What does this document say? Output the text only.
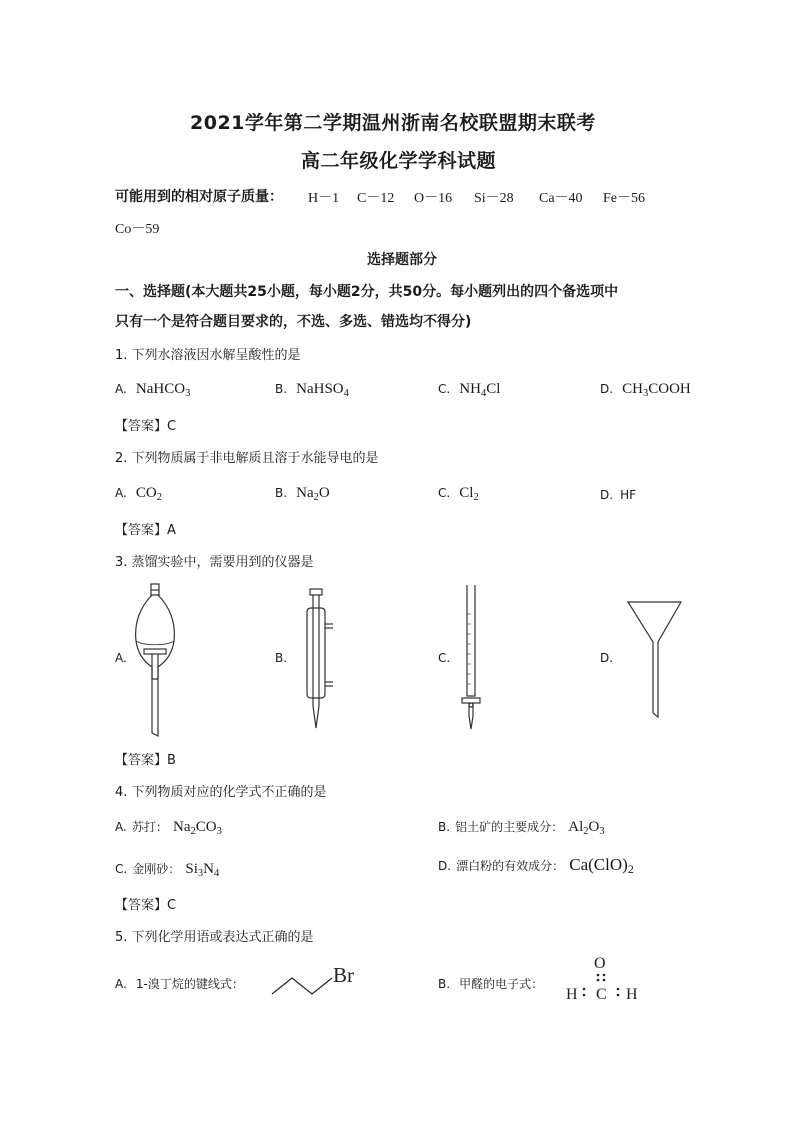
2021学年第二学期温州浙南名校联盟期末联考
高二年级化学学科试题
可能用到的相对原子质量： H－1 C－12 O－16 Si－28 Ca－40 Fe－56
Co－59
选择题部分
一、选择题(本大题共25小题，每小题2分，共50分。每小题列出的四个备选项中
只有一个是符合题目要求的，不选、多选、错选均不得分)
1. 下列水溶液因水解呈酸性的是
A. NaHCO$_3$	B. NaHSO$_4$	C. $NH_4Cl$	D. $CH_3COOH$
【答案】C
2. 下列物质属于非电解质且溶于水能导电的是
A. $CO_2$	B. $Na_2O$	C. $Cl_2$	D. HF
【答案】A
3. 蒸馏实验中，需要用到的仪器是
A.	B.	C.	D.
【答案】B
4. 下列物质对应的化学式不正确的是
A. 苏打： $Na_2CO_3$	B. 铝土矿的主要成分： $Al_2O_3$
C. 金刚砂： $Si_3N_4$
D. 漂白粉的有效成分： $Ca(ClO)_2$
【答案】C
5. 下列化学用语或表达式正确的是
A. 1-溴丁烷的键线式：	Br	B. 甲醛的电子式：
O
H C H
